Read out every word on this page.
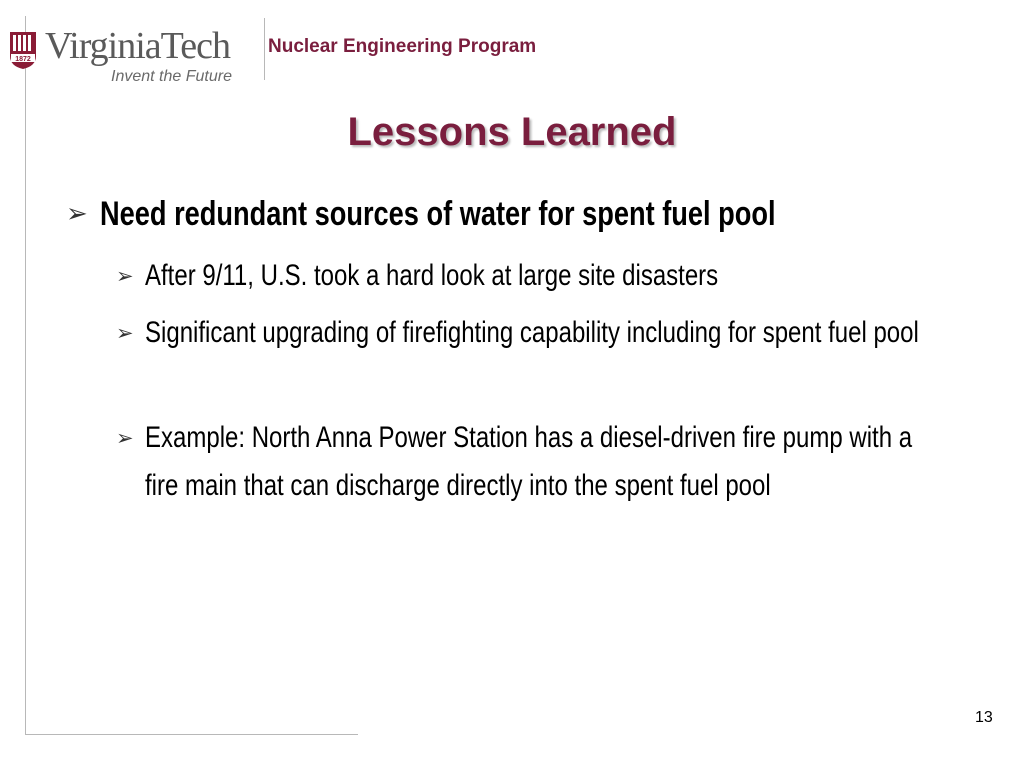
1872 VirginiaTech
Invent the Future
Nuclear Engineering Program
Lessons Learned
➢ Need redundant sources of water for spent fuel pool
➢ After 9/11, U.S. took a hard look at large site disasters
➢ Significant upgrading of firefighting capability including for spent fuel pool
➢ Example: North Anna Power Station has a diesel-driven fire pump with a fire main that can discharge directly into the spent fuel pool
13
